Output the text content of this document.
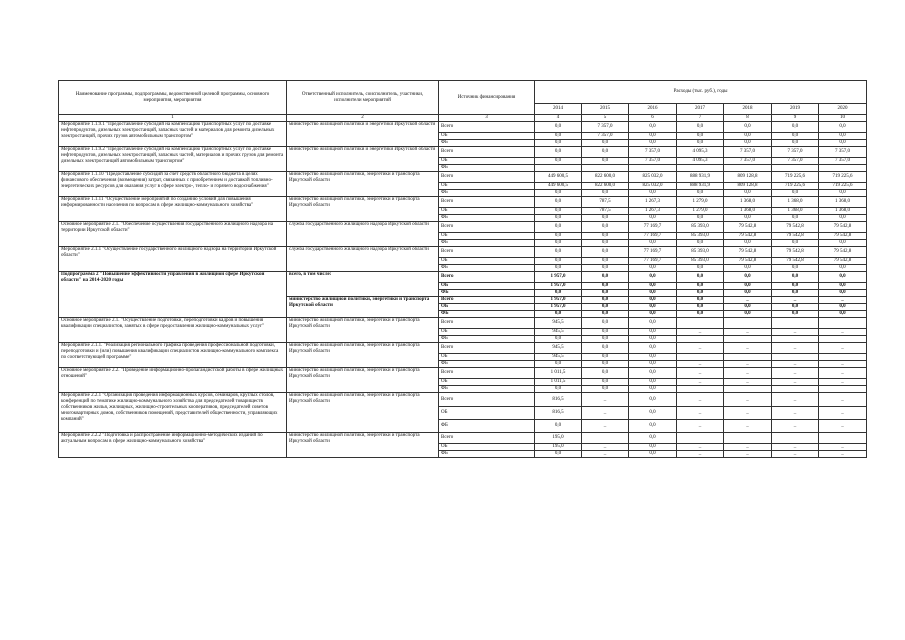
Наименование программы, подпрограммы, ведомственной целевой программы, основного мероприятия, мероприятия	Ответственный исполнитель, соисполнитель, участники, исполнители мероприятий	Источник финансирования	Расходы (тыс. руб.), годы						
			2014	2015	2016	2017	2018	2019	2020
1	2	3	4	5	6	7	8	9	10
Мероприятие 1.1.9.1 "Предоставление субсидий на компенсацию транспортных услуг по доставке нефтепродуктов, дизельных электростанций, запасных частей и материалов для ремонта дизельных электростанций, прочих грузов автомобильным транспортом"	министерство жилищной политики и энергетики Иркутской области	Всего	0,0	7 357,0	0,0	0,0	0,0	0,0	0,0
		ОБ	0,0	7 357,0	0,0	0,0	0,0	0,0	0,0
		ФБ	0,0	0,0	0,0	0,0	0,0	0,0	0,0
Мероприятие 1.1.9.2 "Предоставление субсидий на компенсацию транспортных услуг по доставке нефтепродуктов, дизельных электростанций, запасных частей, материалов и прочих грузов для ремонта дизельных электростанций автомобильным транспортом"	министерство жилищной политики и энергетики Иркутской области	Всего	0,0	0,0	7 357,0	4 095,3	7 357,0	7 357,0	7 357,0
		ОБ	0,0	0,0	7 357,0	4 095,3	7 357,0	7 357,0	7 357,0
		ФБ							
Мероприятие 1.1.10 "Предоставление субсидий за счет средств областного бюджета в целях финансового обеспечения (возмещения) затрат, связанных с приобретением и доставкой топливно-энергетических ресурсов для оказания услуг в сфере электро-, тепло- и горячего водоснабжения"	министерство жилищной политики, энергетики и транспорта Иркутской области	Всего	449 600,5	822 600,0	825 032,0	888 931,9	809 128,8	719 225,6	719 225,6
		ОБ	449 600,5	822 600,0	825 032,0	888 931,9	809 128,8	719 225,6	719 225,6
		ФБ	0,0	0,0	0,0	0,0	0,0	0,0	0,0
Мероприятие 1.1.11 "Осуществление мероприятий по созданию условий для повышения информированности населения по вопросам в сфере жилищно-коммунального хозяйства"	министерство жилищной политики, энергетики и транспорта Иркутской области	Всего	0,0	787,5	1 267,3	1 279,0	1 368,0	1 368,0	1 368,0
		ОБ	0,0	787,5	1 267,3	1 279,0	1 368,0	1 368,0	1 368,0
		ФБ	0,0	0,0	0,0	0,0	0,0	0,0	0,0
Основное мероприятие 2.1. "Обеспечение осуществления государственного жилищного надзора на территории Иркутской области"	служба государственного жилищного надзора Иркутской области	Всего	0,0	0,0	77 169,7	85 393,0	79 542,8	79 542,8	79 542,8
		ОБ	0,0	0,0	77 169,7	85 393,0	79 542,8	79 542,8	79 542,8
		ФБ	0,0	0,0	0,0	0,0	0,0	0,0	0,0
Мероприятие 2.1.1 "Осуществление государственного жилищного надзора на территории Иркутской области"	служба государственного жилищного надзора Иркутской области	Всего	0,0	0,0	77 169,7	85 393,0	79 542,8	79 542,8	79 542,8
		ОБ	0,0	0,0	77 169,7	85 393,0	79 542,8	79 542,8	79 542,8
		ФБ	0,0	0,0	0,0	0,0	0,0	0,0	0,0
Подпрограмма 2 "Повышение эффективности управления в жилищной сфере Иркутской области" на 2014-2020 годы	всего, в том числе:	Всего	1 957,0	0,0	0,0	0,0	0,0	0,0	0,0
		ОБ	1 957,0	0,0	0,0	0,0	0,0	0,0	0,0
		ФБ	0,0	0,0	0,0	0,0	0,0	0,0	0,0
	министерство жилищной политики, энергетики и транспорта Иркутской области	Всего	1 957,0	0,0	0,0	0,0	_	_	_
		ОБ	1 957,0	0,0	0,0	0,0	0,0	0,0	0,0
		ФБ	0,0	0,0	0,0	0,0	0,0	0,0	0,0
Основное мероприятие 2.1. "Осуществление подготовки, переподготовки кадров и повышения квалификации специалистов, занятых в сфере предоставления жилищно-коммунальных услуг"	министерство жилищной политики, энергетики и транспорта Иркутской области	Всего	945,5	0,0	0,0				
		ОБ	945,5	0,0	0,0	_	_	_	_
		ФБ	0,0	0,0	0,0				
Мероприятие 2.1.1. "Реализация регионального графика проведения профессиональной подготовки, переподготовки и (или) повышения квалификации специалистов жилищно-коммунального комплекса по соответствующей программе"	министерство жилищной политики, энергетики и транспорта Иркутской области	Всего	945,5	0,0	0,0	_	_	_	_
		ОБ	945,5	0,0	0,0				
		ФБ	0,0	0,0	0,0	_	_	_	_
Основное мероприятие 2.2. "Проведение информационно-пропагандистской работы в сфере жилищных отношений"	министерство жилищной политики, энергетики и транспорта Иркутской области	Всего	1 011,5	0,0	0,0	_	_	_	_
		ОБ	1 011,5	0,0	0,0	_	_	_	_
		ФБ	0,0	0,0	0,0				
Мероприятие 2.2.1 "Организация проведения информационных курсов, семинаров, круглых столов, конференций по тематике жилищно-коммунального хозяйства для председателей товариществ собственников жилья, жилищных, жилищно-строительных кооперативов, председателей советов многоквартирных домов, собственников помещений, представителей общественности, управляющих компаний"	министерство жилищной политики, энергетики и транспорта Иркутской области	Всего	816,5	_	0,0	_	_	_	_
		ОБ	816,5	_	0,0	_	_	_	_
		ФБ	0,0	_	0,0	_	_	_	_
Мероприятие 2.2.2 "Подготовка и распространение информационно-методических изданий по актуальным вопросам в сфере жилищно-коммунального хозяйства"	министерство жилищной политики, энергетики и транспорта Иркутской области	Всего	195,0		0,0				
		ОБ	195,0	_	0,0	_	_	_	_
		ФБ	0,0	_	0,0	_	_	_	_
